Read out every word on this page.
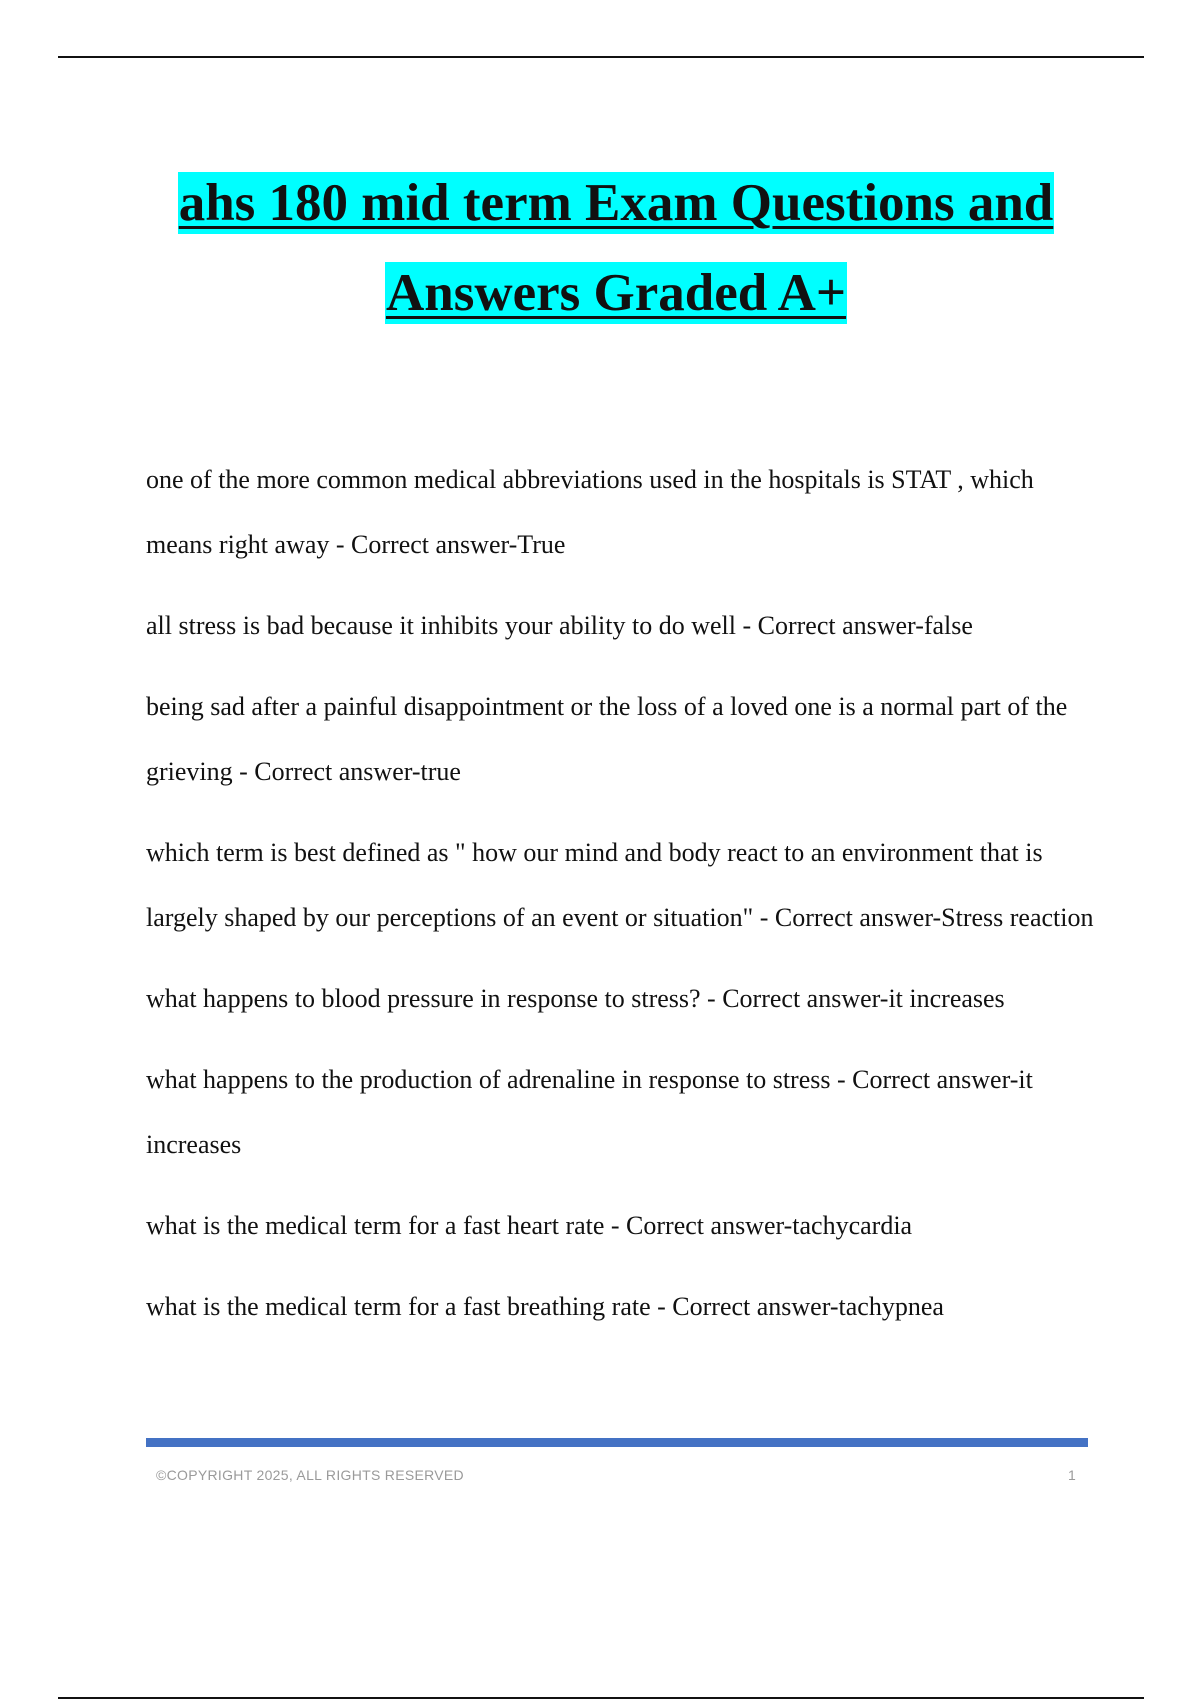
ahs 180 mid term Exam Questions and
Answers Graded A+

one of the more common medical abbreviations used in the hospitals is STAT , which means right away - Correct answer-True

all stress is bad because it inhibits your ability to do well - Correct answer-false

being sad after a painful disappointment or the loss of a loved one is a normal part of the grieving - Correct answer-true

which term is best defined as " how our mind and body react to an environment that is largely shaped by our perceptions of an event or situation" - Correct answer-Stress reaction

what happens to blood pressure in response to stress? - Correct answer-it increases

what happens to the production of adrenaline in response to stress - Correct answer-it increases

what is the medical term for a fast heart rate - Correct answer-tachycardia

what is the medical term for a fast breathing rate - Correct answer-tachypnea

©COPYRIGHT 2025, ALL RIGHTS RESERVED	1
